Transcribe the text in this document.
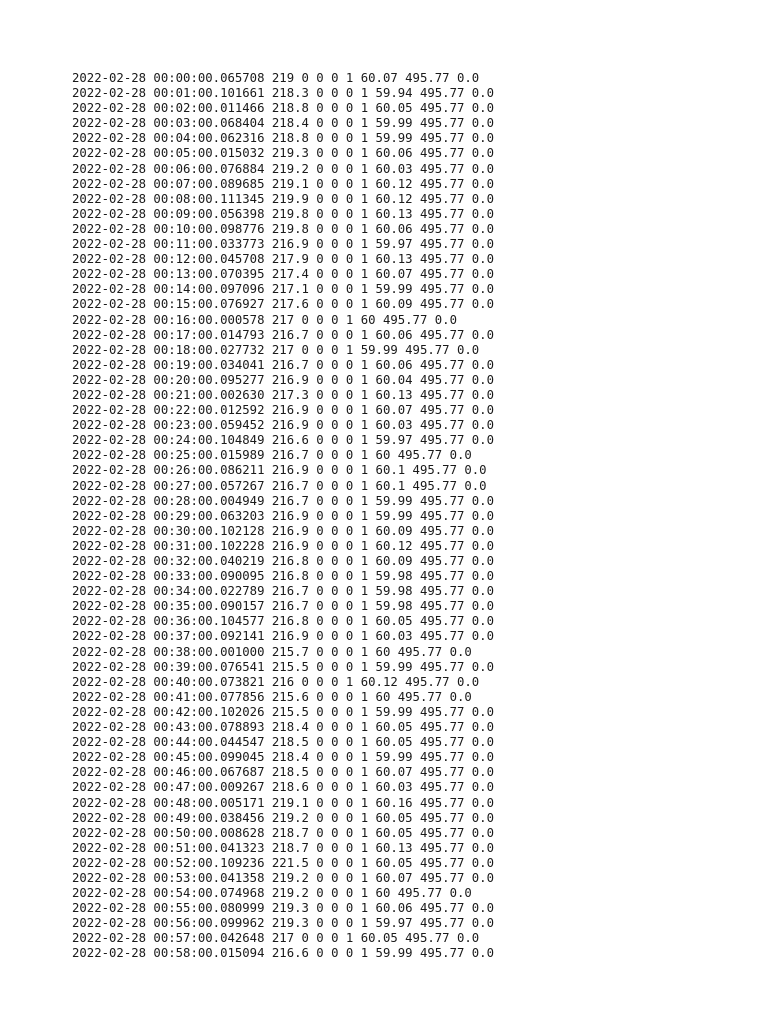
2022-02-28 00:00:00.065708 219 0 0 0 1 60.07 495.77 0.0
2022-02-28 00:01:00.101661 218.3 0 0 0 1 59.94 495.77 0.0
2022-02-28 00:02:00.011466 218.8 0 0 0 1 60.05 495.77 0.0
2022-02-28 00:03:00.068404 218.4 0 0 0 1 59.99 495.77 0.0
2022-02-28 00:04:00.062316 218.8 0 0 0 1 59.99 495.77 0.0
2022-02-28 00:05:00.015032 219.3 0 0 0 1 60.06 495.77 0.0
2022-02-28 00:06:00.076884 219.2 0 0 0 1 60.03 495.77 0.0
2022-02-28 00:07:00.089685 219.1 0 0 0 1 60.12 495.77 0.0
2022-02-28 00:08:00.111345 219.9 0 0 0 1 60.12 495.77 0.0
2022-02-28 00:09:00.056398 219.8 0 0 0 1 60.13 495.77 0.0
2022-02-28 00:10:00.098776 219.8 0 0 0 1 60.06 495.77 0.0
2022-02-28 00:11:00.033773 216.9 0 0 0 1 59.97 495.77 0.0
2022-02-28 00:12:00.045708 217.9 0 0 0 1 60.13 495.77 0.0
2022-02-28 00:13:00.070395 217.4 0 0 0 1 60.07 495.77 0.0
2022-02-28 00:14:00.097096 217.1 0 0 0 1 59.99 495.77 0.0
2022-02-28 00:15:00.076927 217.6 0 0 0 1 60.09 495.77 0.0
2022-02-28 00:16:00.000578 217 0 0 0 1 60 495.77 0.0
2022-02-28 00:17:00.014793 216.7 0 0 0 1 60.06 495.77 0.0
2022-02-28 00:18:00.027732 217 0 0 0 1 59.99 495.77 0.0
2022-02-28 00:19:00.034041 216.7 0 0 0 1 60.06 495.77 0.0
2022-02-28 00:20:00.095277 216.9 0 0 0 1 60.04 495.77 0.0
2022-02-28 00:21:00.002630 217.3 0 0 0 1 60.13 495.77 0.0
2022-02-28 00:22:00.012592 216.9 0 0 0 1 60.07 495.77 0.0
2022-02-28 00:23:00.059452 216.9 0 0 0 1 60.03 495.77 0.0
2022-02-28 00:24:00.104849 216.6 0 0 0 1 59.97 495.77 0.0
2022-02-28 00:25:00.015989 216.7 0 0 0 1 60 495.77 0.0
2022-02-28 00:26:00.086211 216.9 0 0 0 1 60.1 495.77 0.0
2022-02-28 00:27:00.057267 216.7 0 0 0 1 60.1 495.77 0.0
2022-02-28 00:28:00.004949 216.7 0 0 0 1 59.99 495.77 0.0
2022-02-28 00:29:00.063203 216.9 0 0 0 1 59.99 495.77 0.0
2022-02-28 00:30:00.102128 216.9 0 0 0 1 60.09 495.77 0.0
2022-02-28 00:31:00.102228 216.9 0 0 0 1 60.12 495.77 0.0
2022-02-28 00:32:00.040219 216.8 0 0 0 1 60.09 495.77 0.0
2022-02-28 00:33:00.090095 216.8 0 0 0 1 59.98 495.77 0.0
2022-02-28 00:34:00.022789 216.7 0 0 0 1 59.98 495.77 0.0
2022-02-28 00:35:00.090157 216.7 0 0 0 1 59.98 495.77 0.0
2022-02-28 00:36:00.104577 216.8 0 0 0 1 60.05 495.77 0.0
2022-02-28 00:37:00.092141 216.9 0 0 0 1 60.03 495.77 0.0
2022-02-28 00:38:00.001000 215.7 0 0 0 1 60 495.77 0.0
2022-02-28 00:39:00.076541 215.5 0 0 0 1 59.99 495.77 0.0
2022-02-28 00:40:00.073821 216 0 0 0 1 60.12 495.77 0.0
2022-02-28 00:41:00.077856 215.6 0 0 0 1 60 495.77 0.0
2022-02-28 00:42:00.102026 215.5 0 0 0 1 59.99 495.77 0.0
2022-02-28 00:43:00.078893 218.4 0 0 0 1 60.05 495.77 0.0
2022-02-28 00:44:00.044547 218.5 0 0 0 1 60.05 495.77 0.0
2022-02-28 00:45:00.099045 218.4 0 0 0 1 59.99 495.77 0.0
2022-02-28 00:46:00.067687 218.5 0 0 0 1 60.07 495.77 0.0
2022-02-28 00:47:00.009267 218.6 0 0 0 1 60.03 495.77 0.0
2022-02-28 00:48:00.005171 219.1 0 0 0 1 60.16 495.77 0.0
2022-02-28 00:49:00.038456 219.2 0 0 0 1 60.05 495.77 0.0
2022-02-28 00:50:00.008628 218.7 0 0 0 1 60.05 495.77 0.0
2022-02-28 00:51:00.041323 218.7 0 0 0 1 60.13 495.77 0.0
2022-02-28 00:52:00.109236 221.5 0 0 0 1 60.05 495.77 0.0
2022-02-28 00:53:00.041358 219.2 0 0 0 1 60.07 495.77 0.0
2022-02-28 00:54:00.074968 219.2 0 0 0 1 60 495.77 0.0
2022-02-28 00:55:00.080999 219.3 0 0 0 1 60.06 495.77 0.0
2022-02-28 00:56:00.099962 219.3 0 0 0 1 59.97 495.77 0.0
2022-02-28 00:57:00.042648 217 0 0 0 1 60.05 495.77 0.0
2022-02-28 00:58:00.015094 216.6 0 0 0 1 59.99 495.77 0.0
